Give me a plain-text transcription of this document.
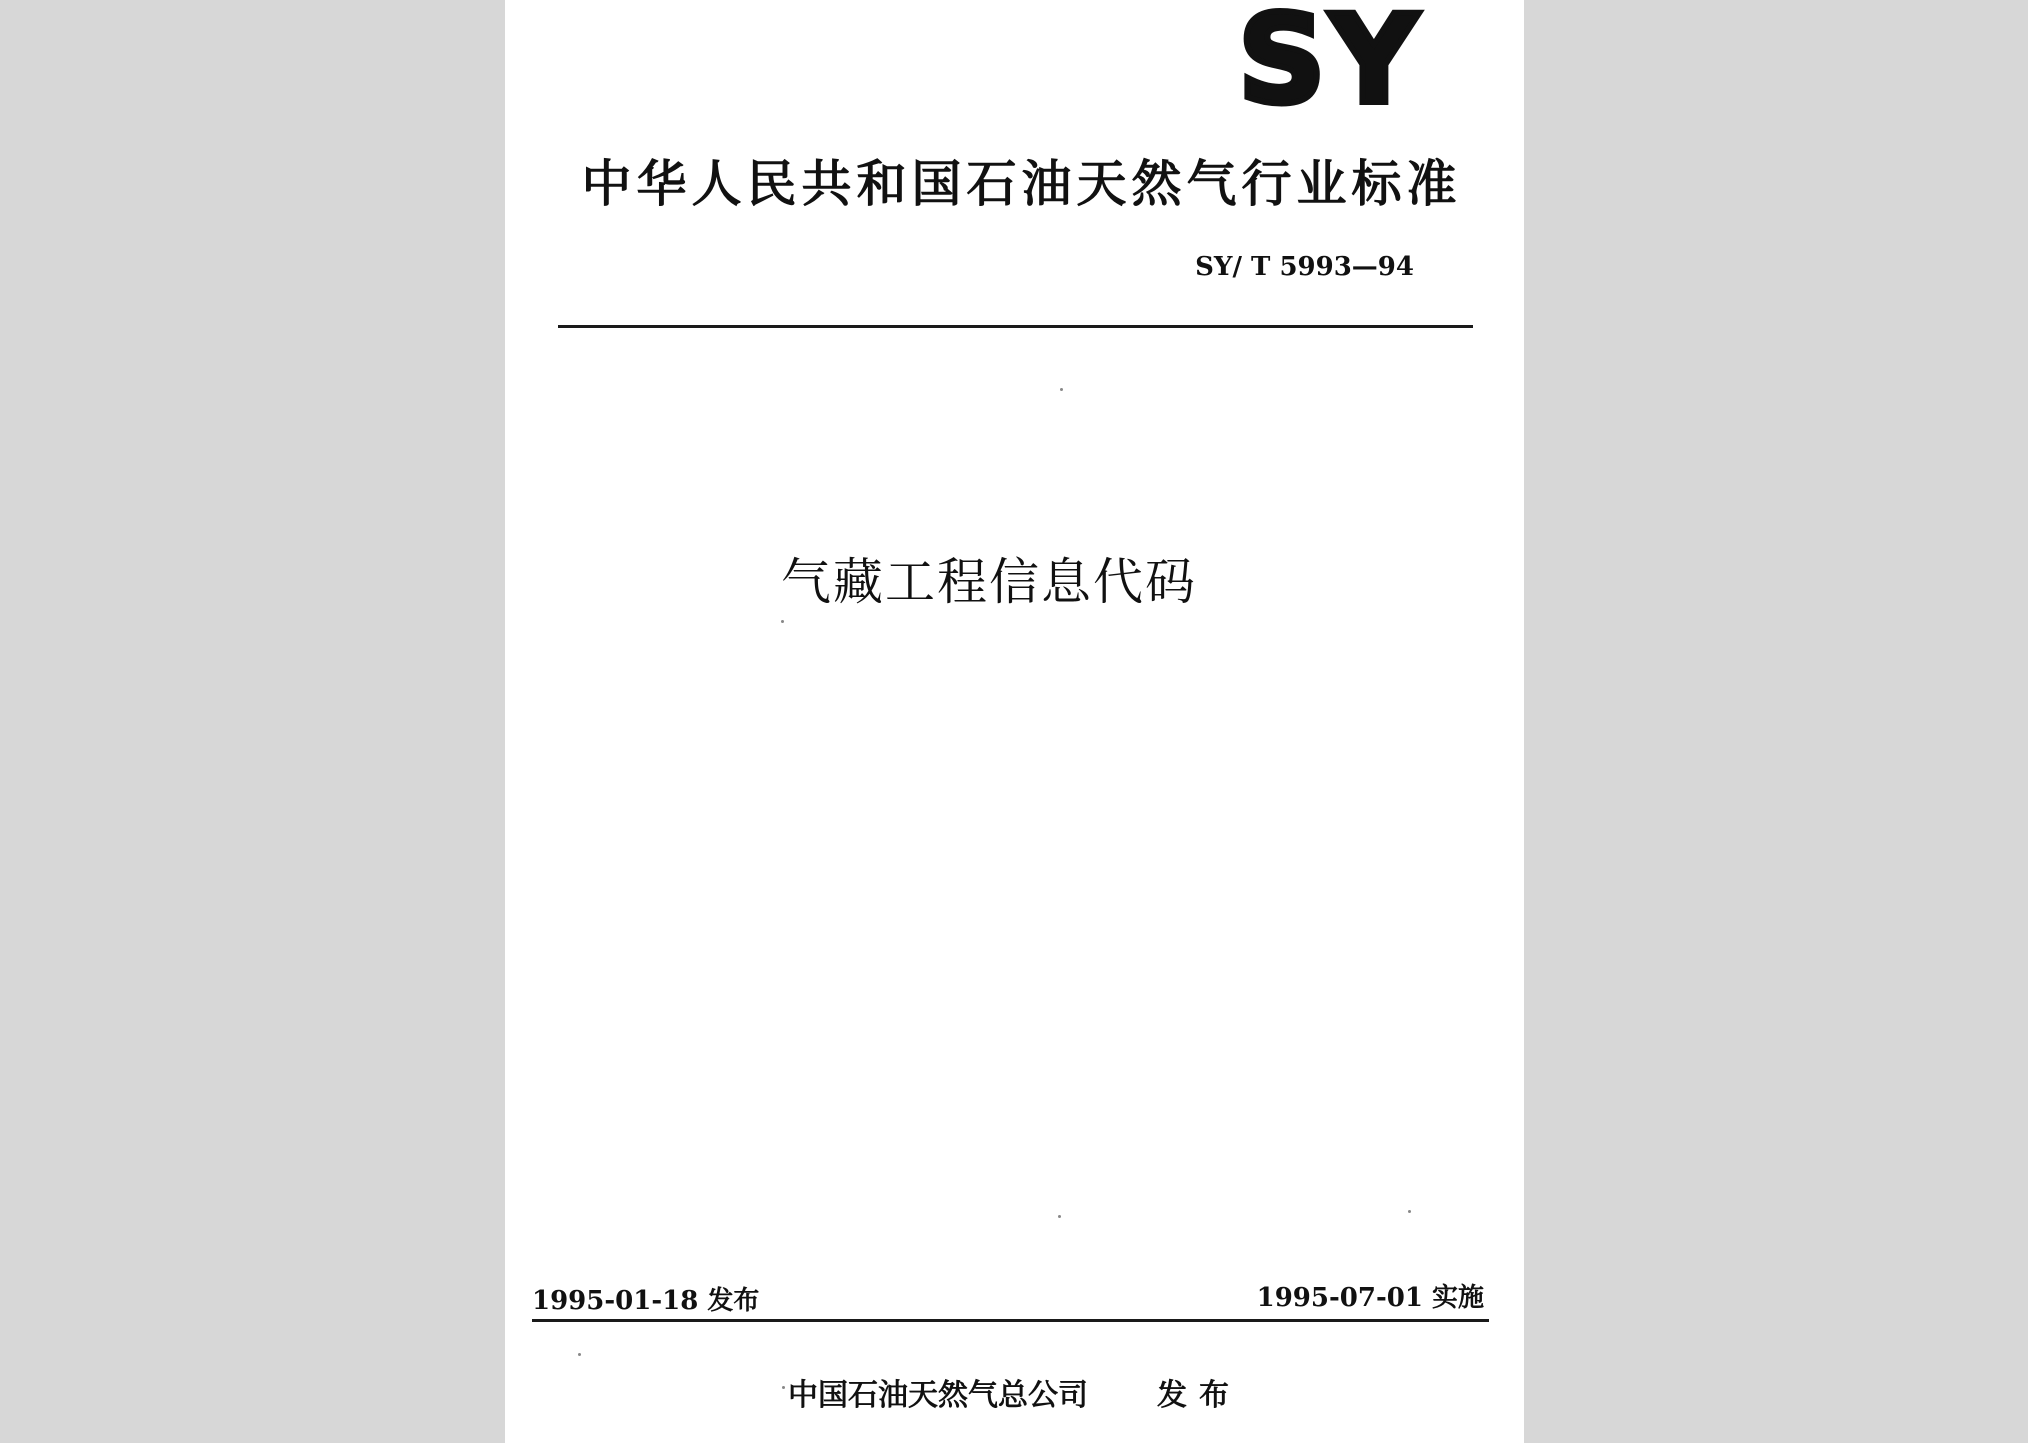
SY
中华人民共和国石油天然气行业标准
SY/ T 5993—94
气藏工程信息代码
1995-01-18 发布	1995-07-01 实施
中国石油天然气总公司 发布
